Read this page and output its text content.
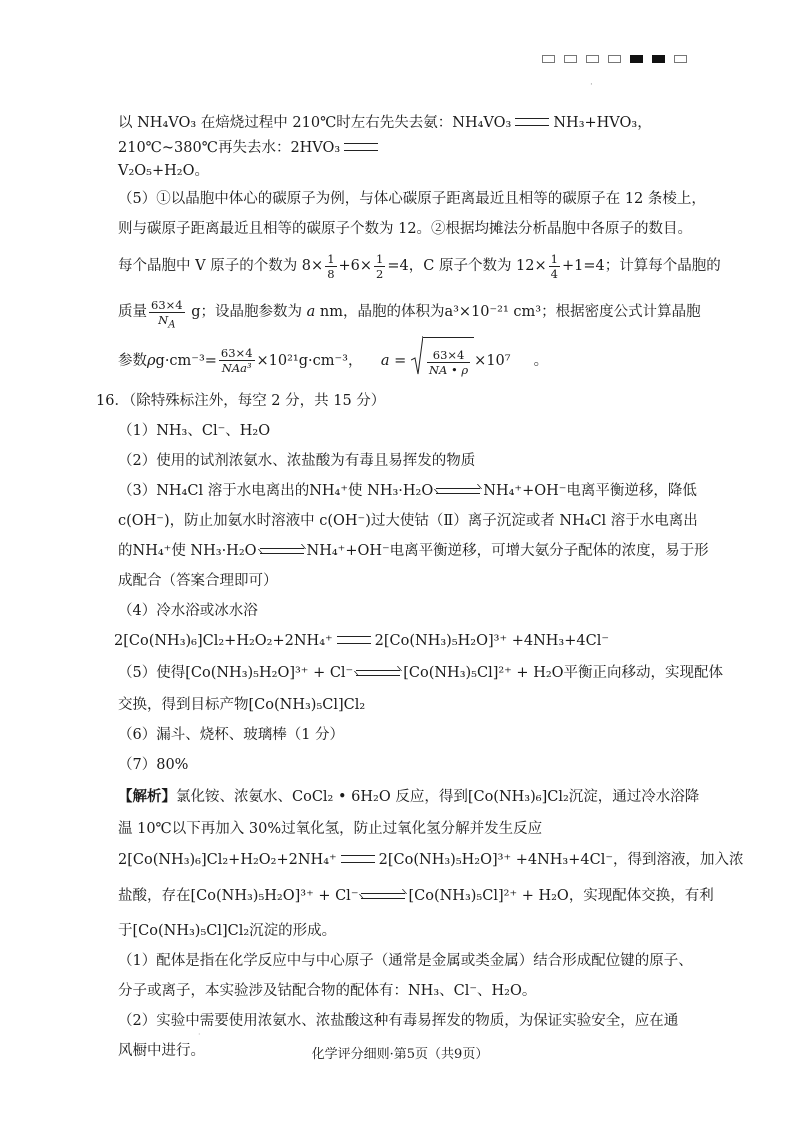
·
以 NH₄VO₃ 在焙烧过程中 210℃时左右先失去氨：NH₄VO₃	NH₃+HVO₃，
210℃~380℃再失去水：2HVO₃
V₂O₅+H₂O。
（5）①以晶胞中体心的碳原子为例，与体心碳原子距离最近且相等的碳原子在 12 条棱上，
则与碳原子距离最近且相等的碳原子个数为 12。②根据均摊法分析晶胞中各原子的数目。
每个晶胞中 V 原子的个数为 $8\times \frac{1}{8} +6\times \frac{1}{2} =4$，C 原子个数为 $12\times \frac{1}{4} +1=4$；计算每个晶胞的
质量 $\frac{63\times 4}{N_A}$ g；设晶胞参数为 a nm，晶胞的体积为a³×10⁻²¹ cm³；根据密度公式计算晶胞
参数$\rho g\cdot cm^{-3}= \frac{63\times 4}{\text{NAa³}} \times 10^{21}g\cdot cm^{-3}$， $a = \frac{63\times 4}{NA • \rho} \times 10^7$ 。
16．（除特殊标注外，每空 2 分，共 15 分）
（1）NH₃、Cl⁻、H₂O
（2）使用的试剂浓氨水、浓盐酸为有毒且易挥发的物质
（3）NH₄Cl 溶于水电离出的NH₄⁺使 NH₃·H₂O	NH₄⁺+OH⁻电离平衡逆移，降低
c(OH⁻)，防止加氨水时溶液中 c(OH⁻)过大使钴（Ⅱ）离子沉淀或者 NH₄Cl 溶于水电离出
的NH₄⁺使 NH₃·H₂O	NH₄⁺+OH⁻电离平衡逆移，可增大氨分子配体的浓度，易于形
成配合（答案合理即可）
（4）冷水浴或冰水浴
2[Co(NH₃)₆]Cl₂+H₂O₂+2NH₄⁺	2[Co(NH₃)₅H₂O]³⁺ +4NH₃+4Cl⁻
（5）使得[Co(NH₃)₅H₂O]³⁺ + Cl⁻	[Co(NH₃)₅Cl]²⁺ + H₂O平衡正向移动，实现配体
交换，得到目标产物[Co(NH₃)₅Cl]Cl₂
（6）漏斗、烧杯、玻璃棒（1 分）
（7）80%
【解析】氯化铵、浓氨水、CoCl₂ • 6H₂O 反应，得到[Co(NH₃)₆]Cl₂沉淀，通过冷水浴降
温 10℃以下再加入 30%过氧化氢，防止过氧化氢分解并发生反应
2[Co(NH₃)₆]Cl₂+H₂O₂+2NH₄⁺	2[Co(NH₃)₅H₂O]³⁺ +4NH₃+4Cl⁻，得到溶液，加入浓
盐酸，存在[Co(NH₃)₅H₂O]³⁺ + Cl⁻	[Co(NH₃)₅Cl]²⁺ + H₂O，实现配体交换，有利
于[Co(NH₃)₅Cl]Cl₂沉淀的形成。
（1）配体是指在化学反应中与中心原子（通常是金属或类金属）结合形成配位键的原子、
分子或离子，本实验涉及钴配合物的配体有：NH₃、Cl⁻、H₂O。
（2）实验中需要使用浓氨水、浓盐酸这种有毒易挥发的物质，为保证实验安全，应在通
风橱中进行。
·
化学评分细则·第5页（共9页）
